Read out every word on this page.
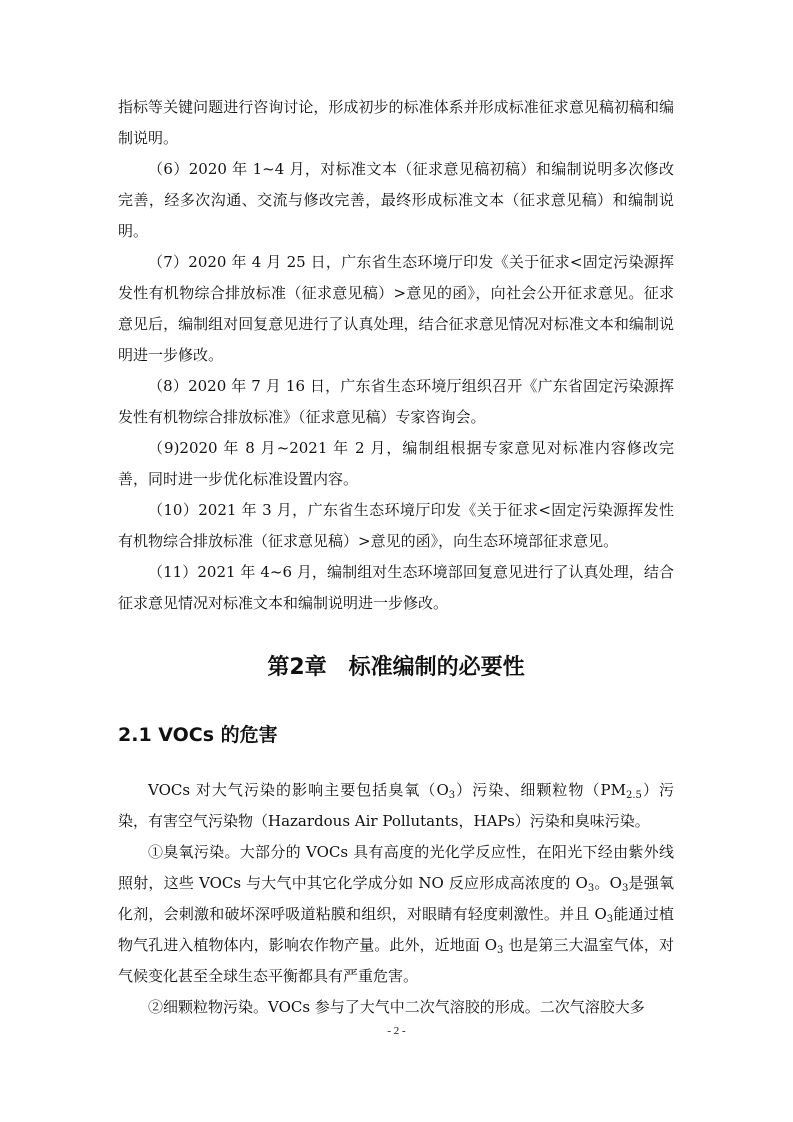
指标等关键问题进行咨询讨论，形成初步的标准体系并形成标准征求意见稿初稿和编制说明。

（6）2020 年 1~4 月，对标准文本（征求意见稿初稿）和编制说明多次修改完善，经多次沟通、交流与修改完善，最终形成标准文本（征求意见稿）和编制说明。

（7）2020 年 4 月 25 日，广东省生态环境厅印发《关于征求<固定污染源挥发性有机物综合排放标准（征求意见稿）>意见的函》，向社会公开征求意见。征求意见后，编制组对回复意见进行了认真处理，结合征求意见情况对标准文本和编制说明进一步修改。

（8）2020 年 7 月 16 日，广东省生态环境厅组织召开《广东省固定污染源挥发性有机物综合排放标准》（征求意见稿）专家咨询会。

（9)2020 年 8 月~2021 年 2 月，编制组根据专家意见对标准内容修改完善，同时进一步优化标准设置内容。

（10）2021 年 3 月，广东省生态环境厅印发《关于征求<固定污染源挥发性有机物综合排放标准（征求意见稿）>意见的函》，向生态环境部征求意见。

（11）2021 年 4~6 月，编制组对生态环境部回复意见进行了认真处理，结合征求意见情况对标准文本和编制说明进一步修改。

第2章　标准编制的必要性
2.1 VOCs 的危害

VOCs 对大气污染的影响主要包括臭氧$(O_3)$污染、细颗粒物$(PM_{2.5})$污染，有害空气污染物（Hazardous Air Pollutants，HAPs）污染和臭味污染。

①臭氧污染。大部分的 VOCs 具有高度的光化学反应性，在阳光下经由紫外线照射，这些 VOCs 与大气中其它化学成分如 NO 反应形成高浓度的 $O_3$。$O_3$是强氧化剂，会刺激和破坏深呼吸道粘膜和组织，对眼睛有轻度刺激性。并且 $O_3$能通过植物气孔进入植物体内，影响农作物产量。此外，近地面 $O_3$ 也是第三大温室气体，对气候变化甚至全球生态平衡都具有严重危害。

②细颗粒物污染。VOCs 参与了大气中二次气溶胶的形成。二次气溶胶大多

- 2 -
